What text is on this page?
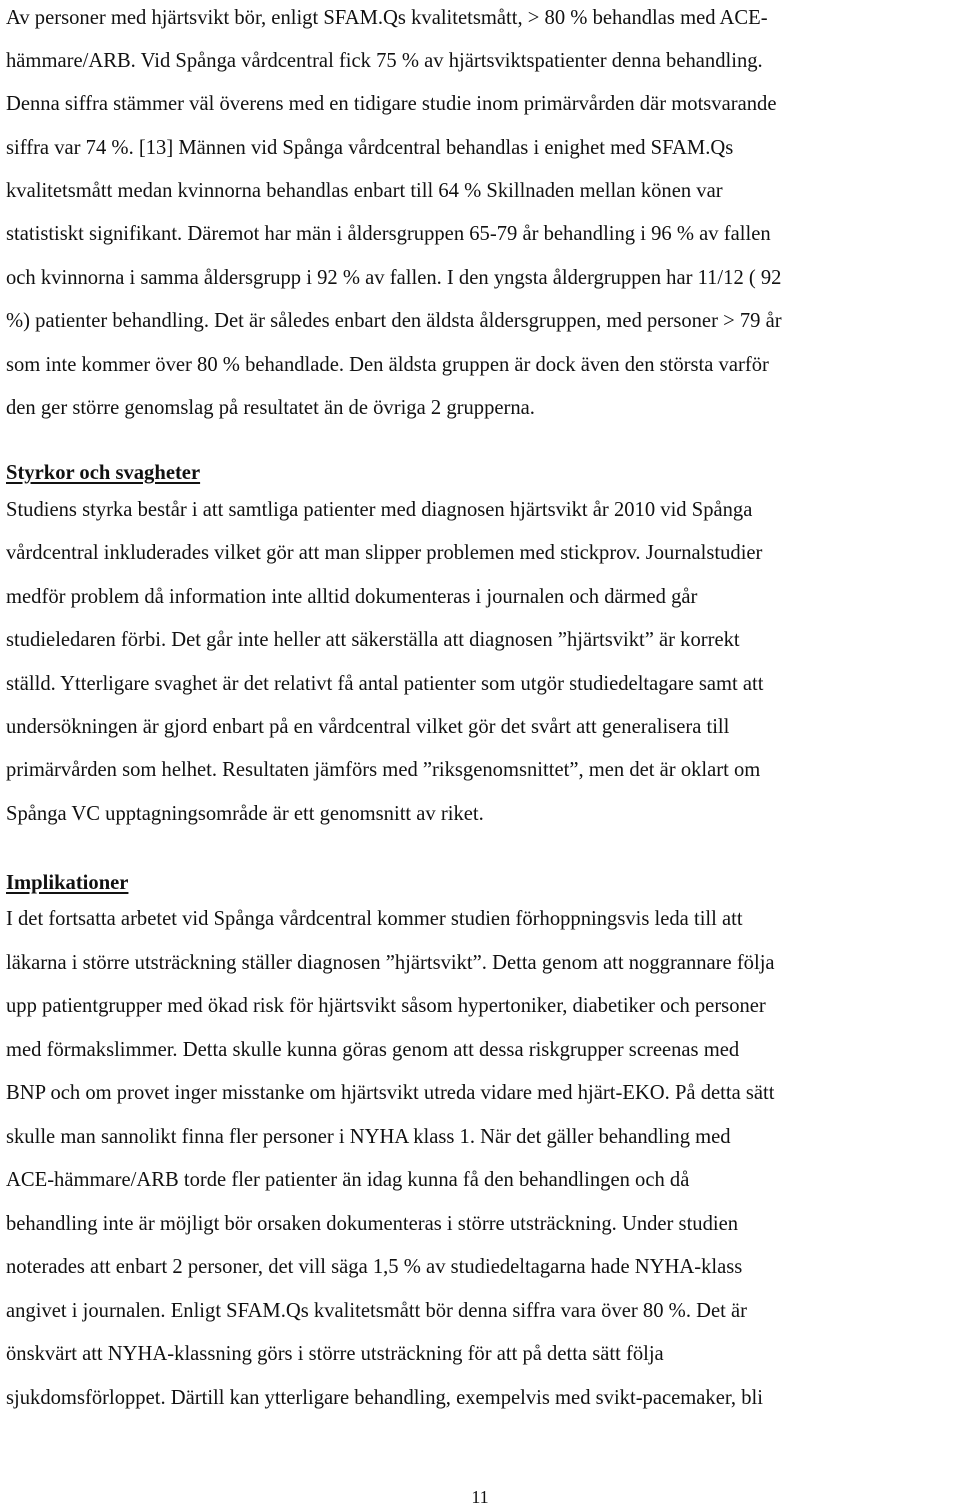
Av personer med hjärtsvikt bör, enligt SFAM.Qs kvalitetsmått, > 80 % behandlas med ACE-
hämmare/ARB. Vid Spånga vårdcentral fick 75 % av hjärtsviktspatienter denna behandling.
Denna siffra stämmer väl överens med en tidigare studie inom primärvården där motsvarande
siffra var 74 %. [13] Männen vid Spånga vårdcentral behandlas i enighet med SFAM.Qs
kvalitetsmått medan kvinnorna behandlas enbart till 64 % Skillnaden mellan könen var
statistiskt signifikant. Däremot har män i åldersgruppen 65-79 år behandling i 96 % av fallen
och kvinnorna i samma åldersgrupp i 92 % av fallen. I den yngsta åldergruppen har 11/12 ( 92
%) patienter behandling. Det är således enbart den äldsta åldersgruppen, med personer > 79 år
som inte kommer över 80 % behandlade. Den äldsta gruppen är dock även den största varför
den ger större genomslag på resultatet än de övriga 2 grupperna.
Styrkor och svagheter
Studiens styrka består i att samtliga patienter med diagnosen hjärtsvikt år 2010 vid Spånga
vårdcentral inkluderades vilket gör att man slipper problemen med stickprov. Journalstudier
medför problem då information inte alltid dokumenteras i journalen och därmed går
studieledaren förbi. Det går inte heller att säkerställa att diagnosen ”hjärtsvikt” är korrekt
ställd. Ytterligare svaghet är det relativt få antal patienter som utgör studiedeltagare samt att
undersökningen är gjord enbart på en vårdcentral vilket gör det svårt att generalisera till
primärvården som helhet. Resultaten jämförs med ”riksgenomsnittet”, men det är oklart om
Spånga VC upptagningsområde är ett genomsnitt av riket.
Implikationer
I det fortsatta arbetet vid Spånga vårdcentral kommer studien förhoppningsvis leda till att
läkarna i större utsträckning ställer diagnosen ”hjärtsvikt”. Detta genom att noggrannare följa
upp patientgrupper med ökad risk för hjärtsvikt såsom hypertoniker, diabetiker och personer
med förmakslimmer. Detta skulle kunna göras genom att dessa riskgrupper screenas med
BNP och om provet inger misstanke om hjärtsvikt utreda vidare med hjärt-EKO. På detta sätt
skulle man sannolikt finna fler personer i NYHA klass 1. När det gäller behandling med
ACE-hämmare/ARB torde fler patienter än idag kunna få den behandlingen och då
behandling inte är möjligt bör orsaken dokumenteras i större utsträckning. Under studien
noterades att enbart 2 personer, det vill säga 1,5 % av studiedeltagarna hade NYHA-klass
angivet i journalen. Enligt SFAM.Qs kvalitetsmått bör denna siffra vara över 80 %. Det är
önskvärt att NYHA-klassning görs i större utsträckning för att på detta sätt följa
sjukdomsförloppet. Därtill kan ytterligare behandling, exempelvis med svikt-pacemaker, bli
11
